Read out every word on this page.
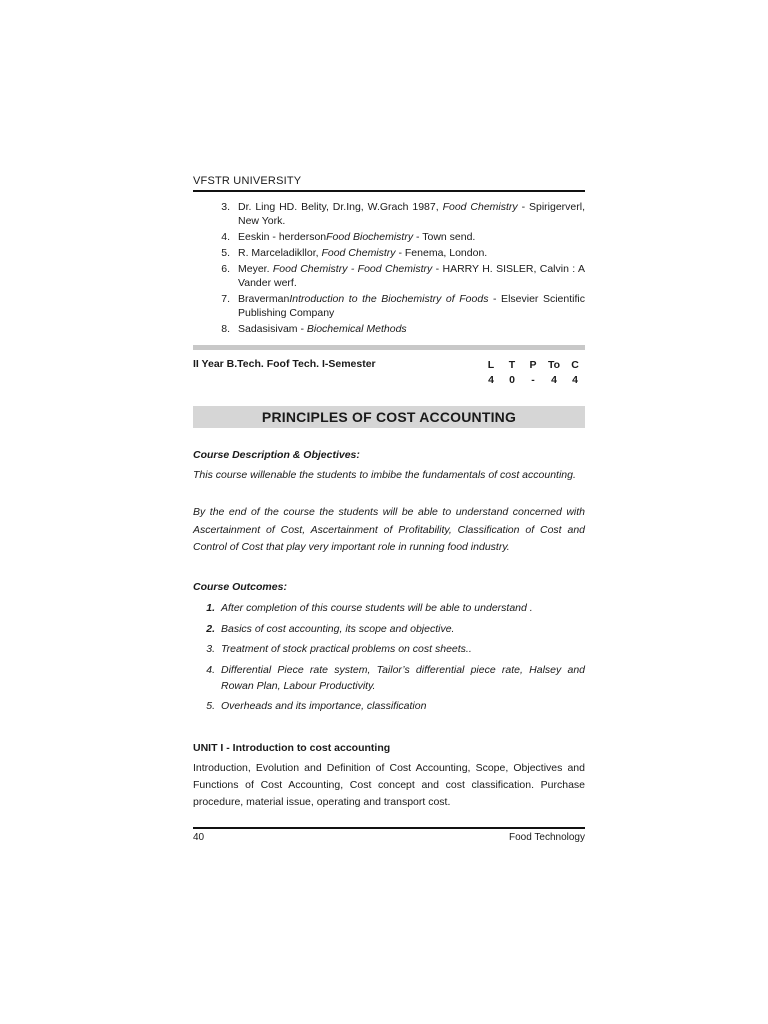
VFSTR UNIVERSITY
3. Dr. Ling HD. Belity, Dr.Ing, W.Grach 1987, Food Chemistry - Spirigerverl, New York.
4. Eeskin - herdersonFood Biochemistry - Town send.
5. R. Marceladikllor, Food Chemistry - Fenema, London.
6. Meyer. Food Chemistry - Food Chemistry - HARRY H. SISLER, Calvin : A Vander werf.
7. BravermanIntroduction to the Biochemistry of Foods - Elsevier Scientific Publishing Company
8. Sadasisivam - Biochemical Methods
II Year B.Tech. Foof Tech. I-Semester	L	T	P	To	C
4	0	-	4	4
PRINCIPLES OF COST ACCOUNTING
Course Description & Objectives:
This course willenable the students to imbibe the fundamentals of cost accounting.
By the end of the course the students will be able to understand concerned with Ascertainment of Cost, Ascertainment of Profitability, Classification of Cost and Control of Cost that play very important role in running food industry.
Course Outcomes:
1. After completion of this course students will be able to understand .
2. Basics of cost accounting, its scope and objective.
3. Treatment of stock practical problems on cost sheets..
4. Differential Piece rate system, Tailor’s differential piece rate, Halsey and Rowan Plan, Labour Productivity.
5. Overheads and its importance, classification
UNIT I - Introduction to cost accounting
Introduction, Evolution and Definition of Cost Accounting, Scope, Objectives and Functions of Cost Accounting, Cost concept and cost classification. Purchase procedure, material issue, operating and transport cost.
40	Food Technology
